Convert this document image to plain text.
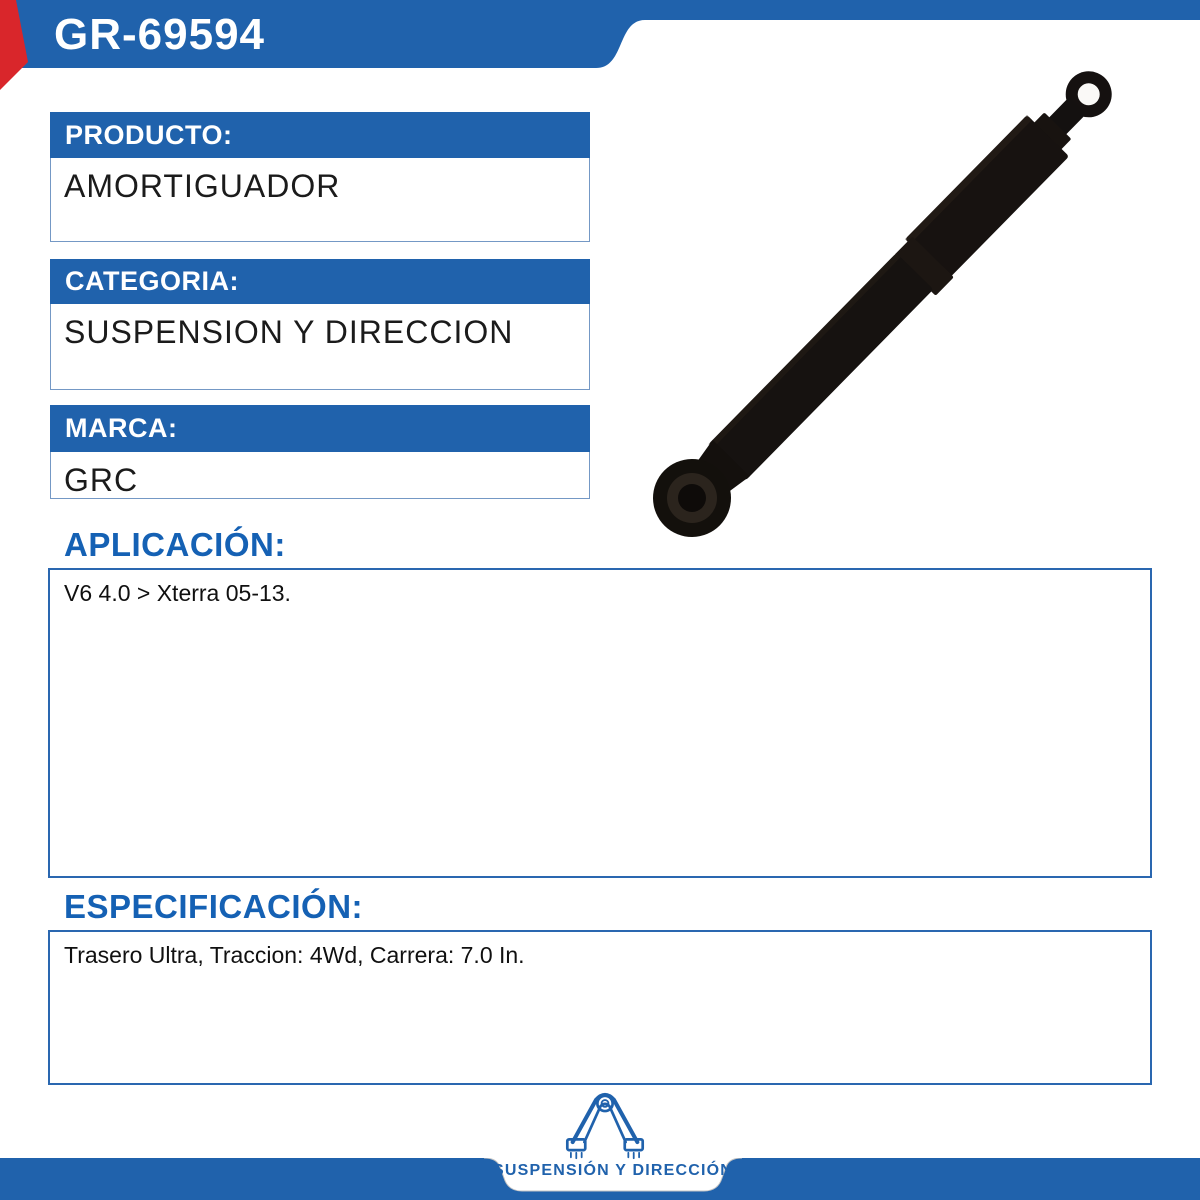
GR-69594
PRODUCTO:
AMORTIGUADOR
CATEGORIA:
SUSPENSION Y DIRECCION
MARCA:
GRC
APLICACIÓN:
V6 4.0 > Xterra 05-13.
ESPECIFICACIÓN:
Trasero Ultra, Traccion: 4Wd, Carrera: 7.0 In.
SUSPENSIÓN Y DIRECCIÓN
